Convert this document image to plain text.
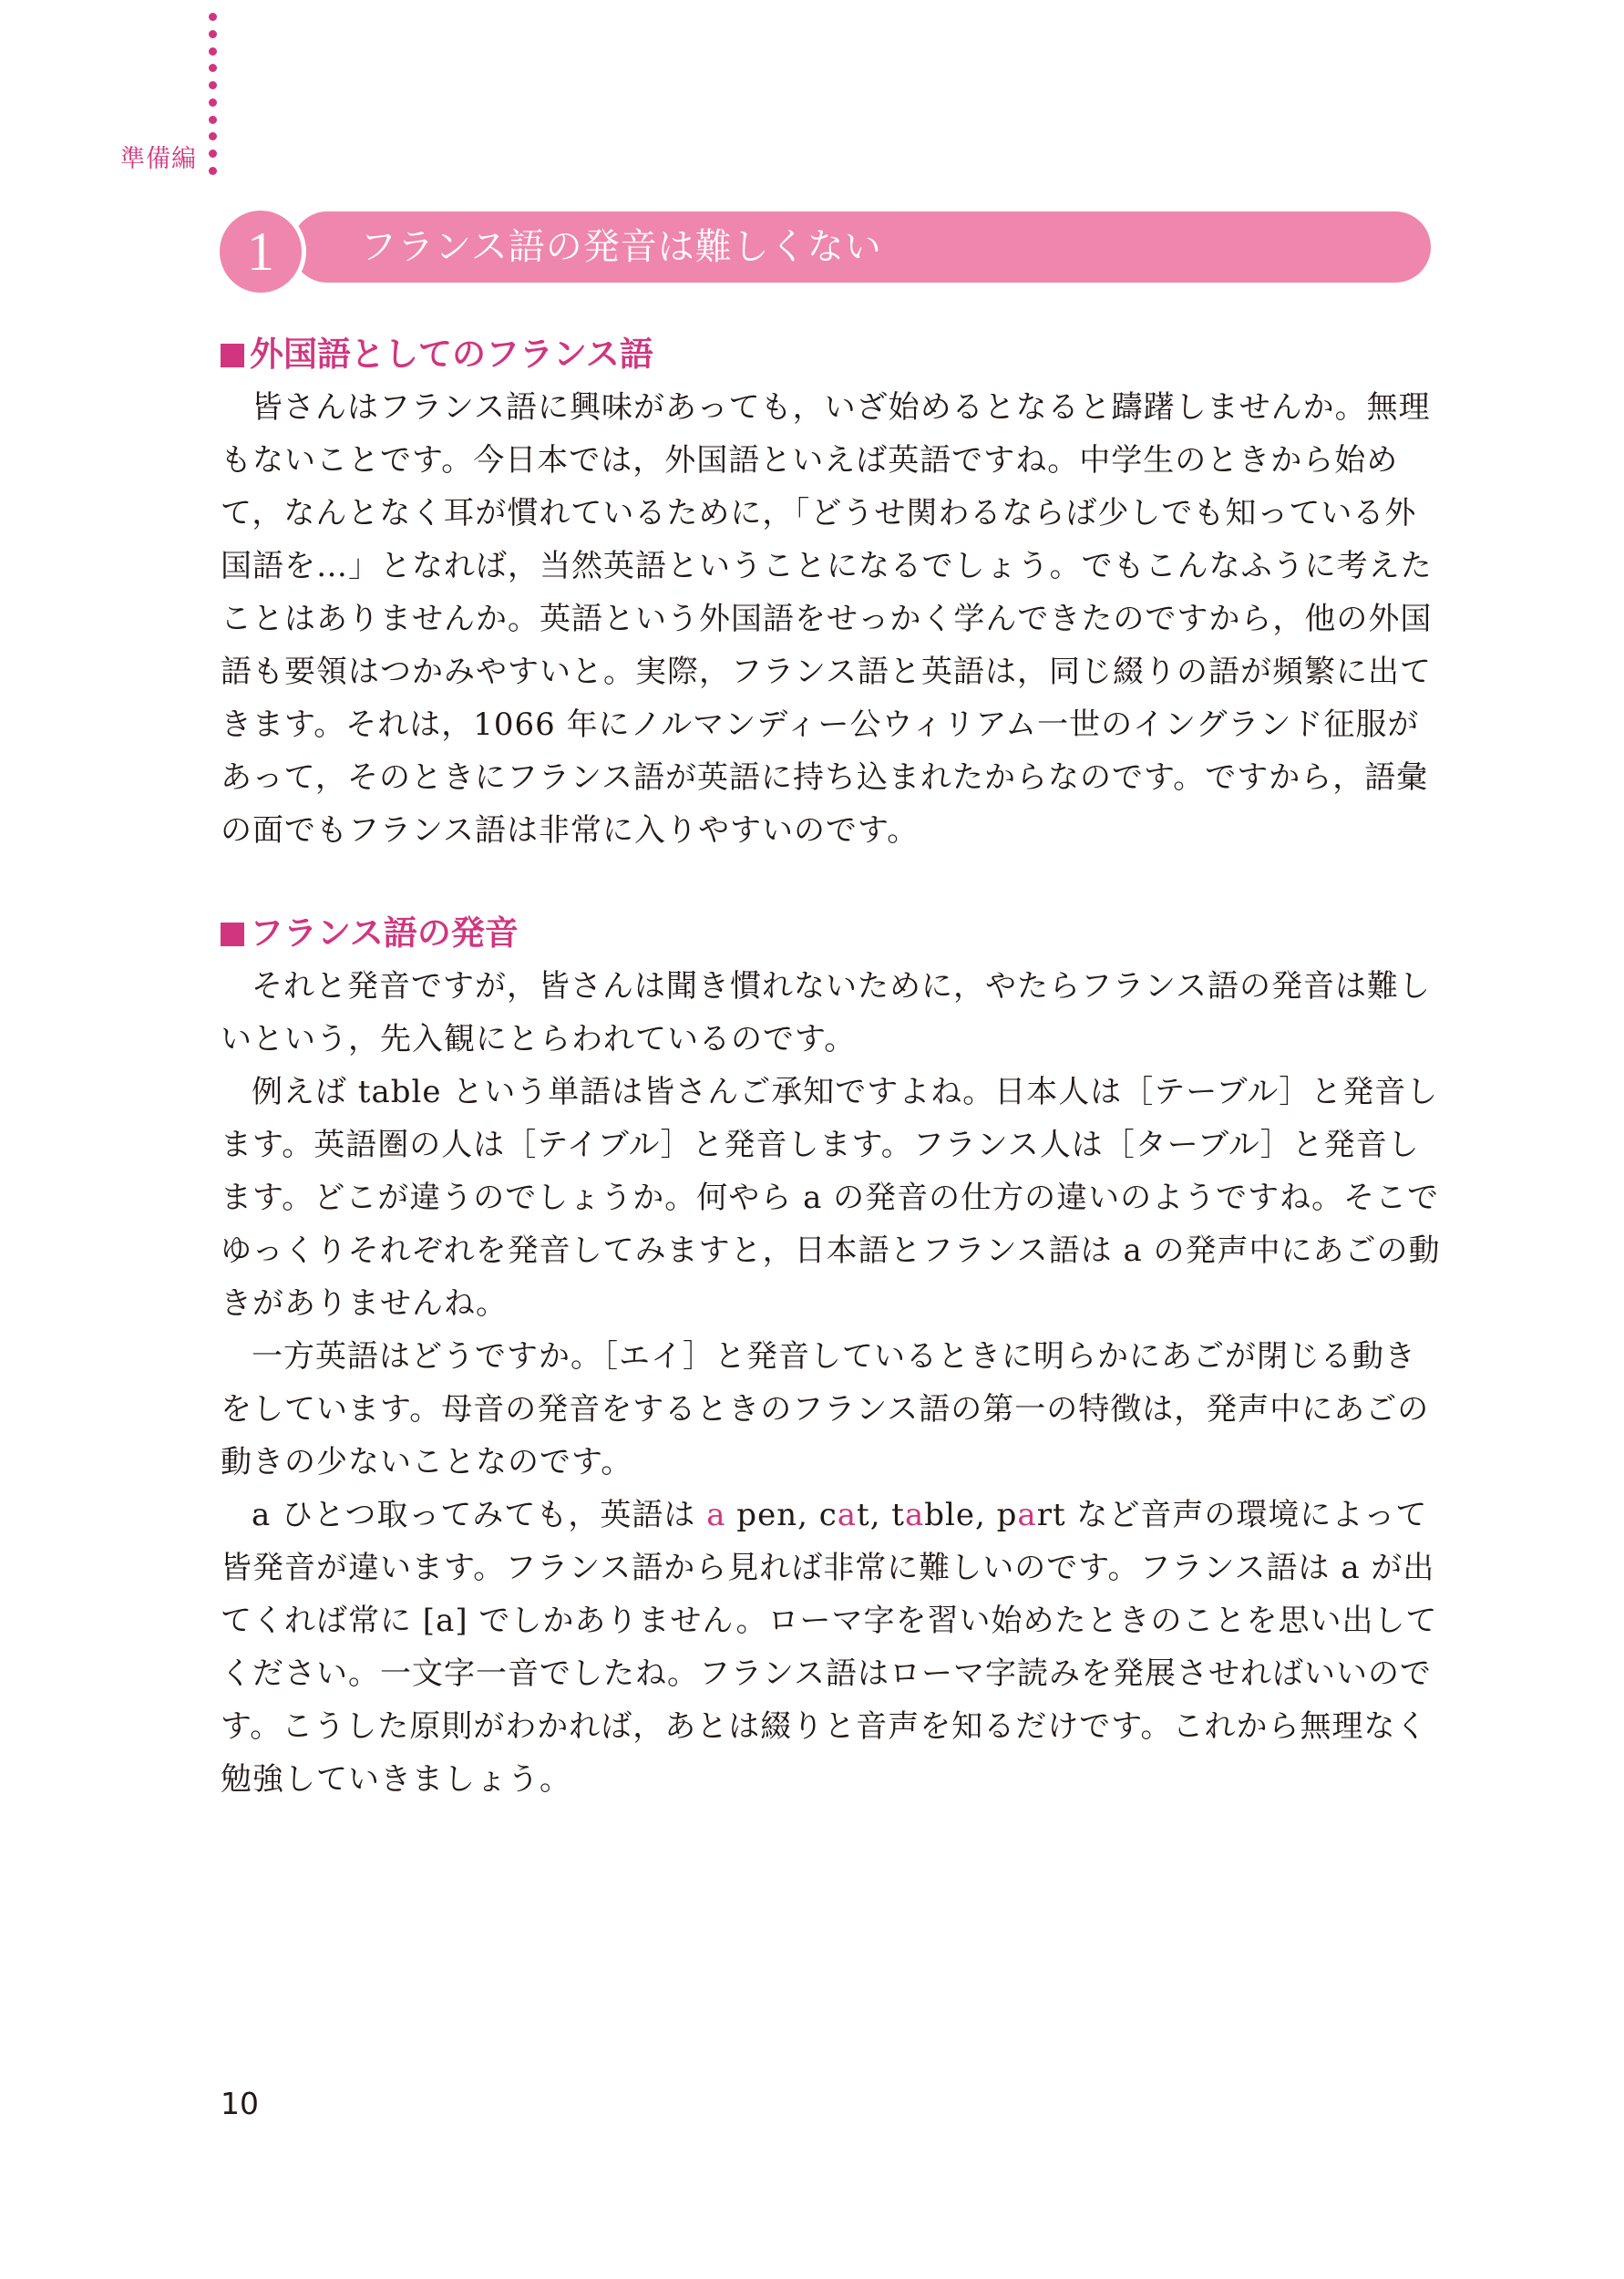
準備編
フランス語の発音は難しくない
1
外国語としてのフランス語

皆さんはフランス語に興味があっても，いざ始めるとなると躊躇しませんか。無理もないことです。今日本では，外国語といえば英語ですね。中学生のときから始めて，なんとなく耳が慣れているために，「どうせ関わるならば少しでも知っている外国語を…」となれば，当然英語ということになるでしょう。でもこんなふうに考えたことはありませんか。英語という外国語をせっかく学んできたのですから，他の外国語も要領はつかみやすいと。実際，フランス語と英語は，同じ綴りの語が頻繁に出てきます。それは，1066 年にノルマンディー公ウィリアム一世のイングランド征服があって，そのときにフランス語が英語に持ち込まれたからなのです。ですから，語彙の面でもフランス語は非常に入りやすいのです。

フランス語の発音

それと発音ですが，皆さんは聞き慣れないために，やたらフランス語の発音は難しいという，先入観にとらわれているのです。

例えば table という単語は皆さんご承知ですよね。日本人は［テーブル］と発音します。英語圏の人は［テイブル］と発音します。フランス人は［ターブル］と発音します。どこが違うのでしょうか。何やら a の発音の仕方の違いのようですね。そこでゆっくりそれぞれを発音してみますと，日本語とフランス語は a の発声中にあごの動きがありませんね。

一方英語はどうですか。［エイ］と発音しているときに明らかにあごが閉じる動きをしています。母音の発音をするときのフランス語の第一の特徴は，発声中にあごの動きの少ないことなのです。

a ひとつ取ってみても，英語は a pen, cat, table, part など音声の環境によって皆発音が違います。フランス語から見れば非常に難しいのです。フランス語は a が出てくれば常に [a] でしかありません。ローマ字を習い始めたときのことを思い出してください。一文字一音でしたね。フランス語はローマ字読みを発展させればいいのです。こうした原則がわかれば，あとは綴りと音声を知るだけです。これから無理なく勉強していきましょう。

10
